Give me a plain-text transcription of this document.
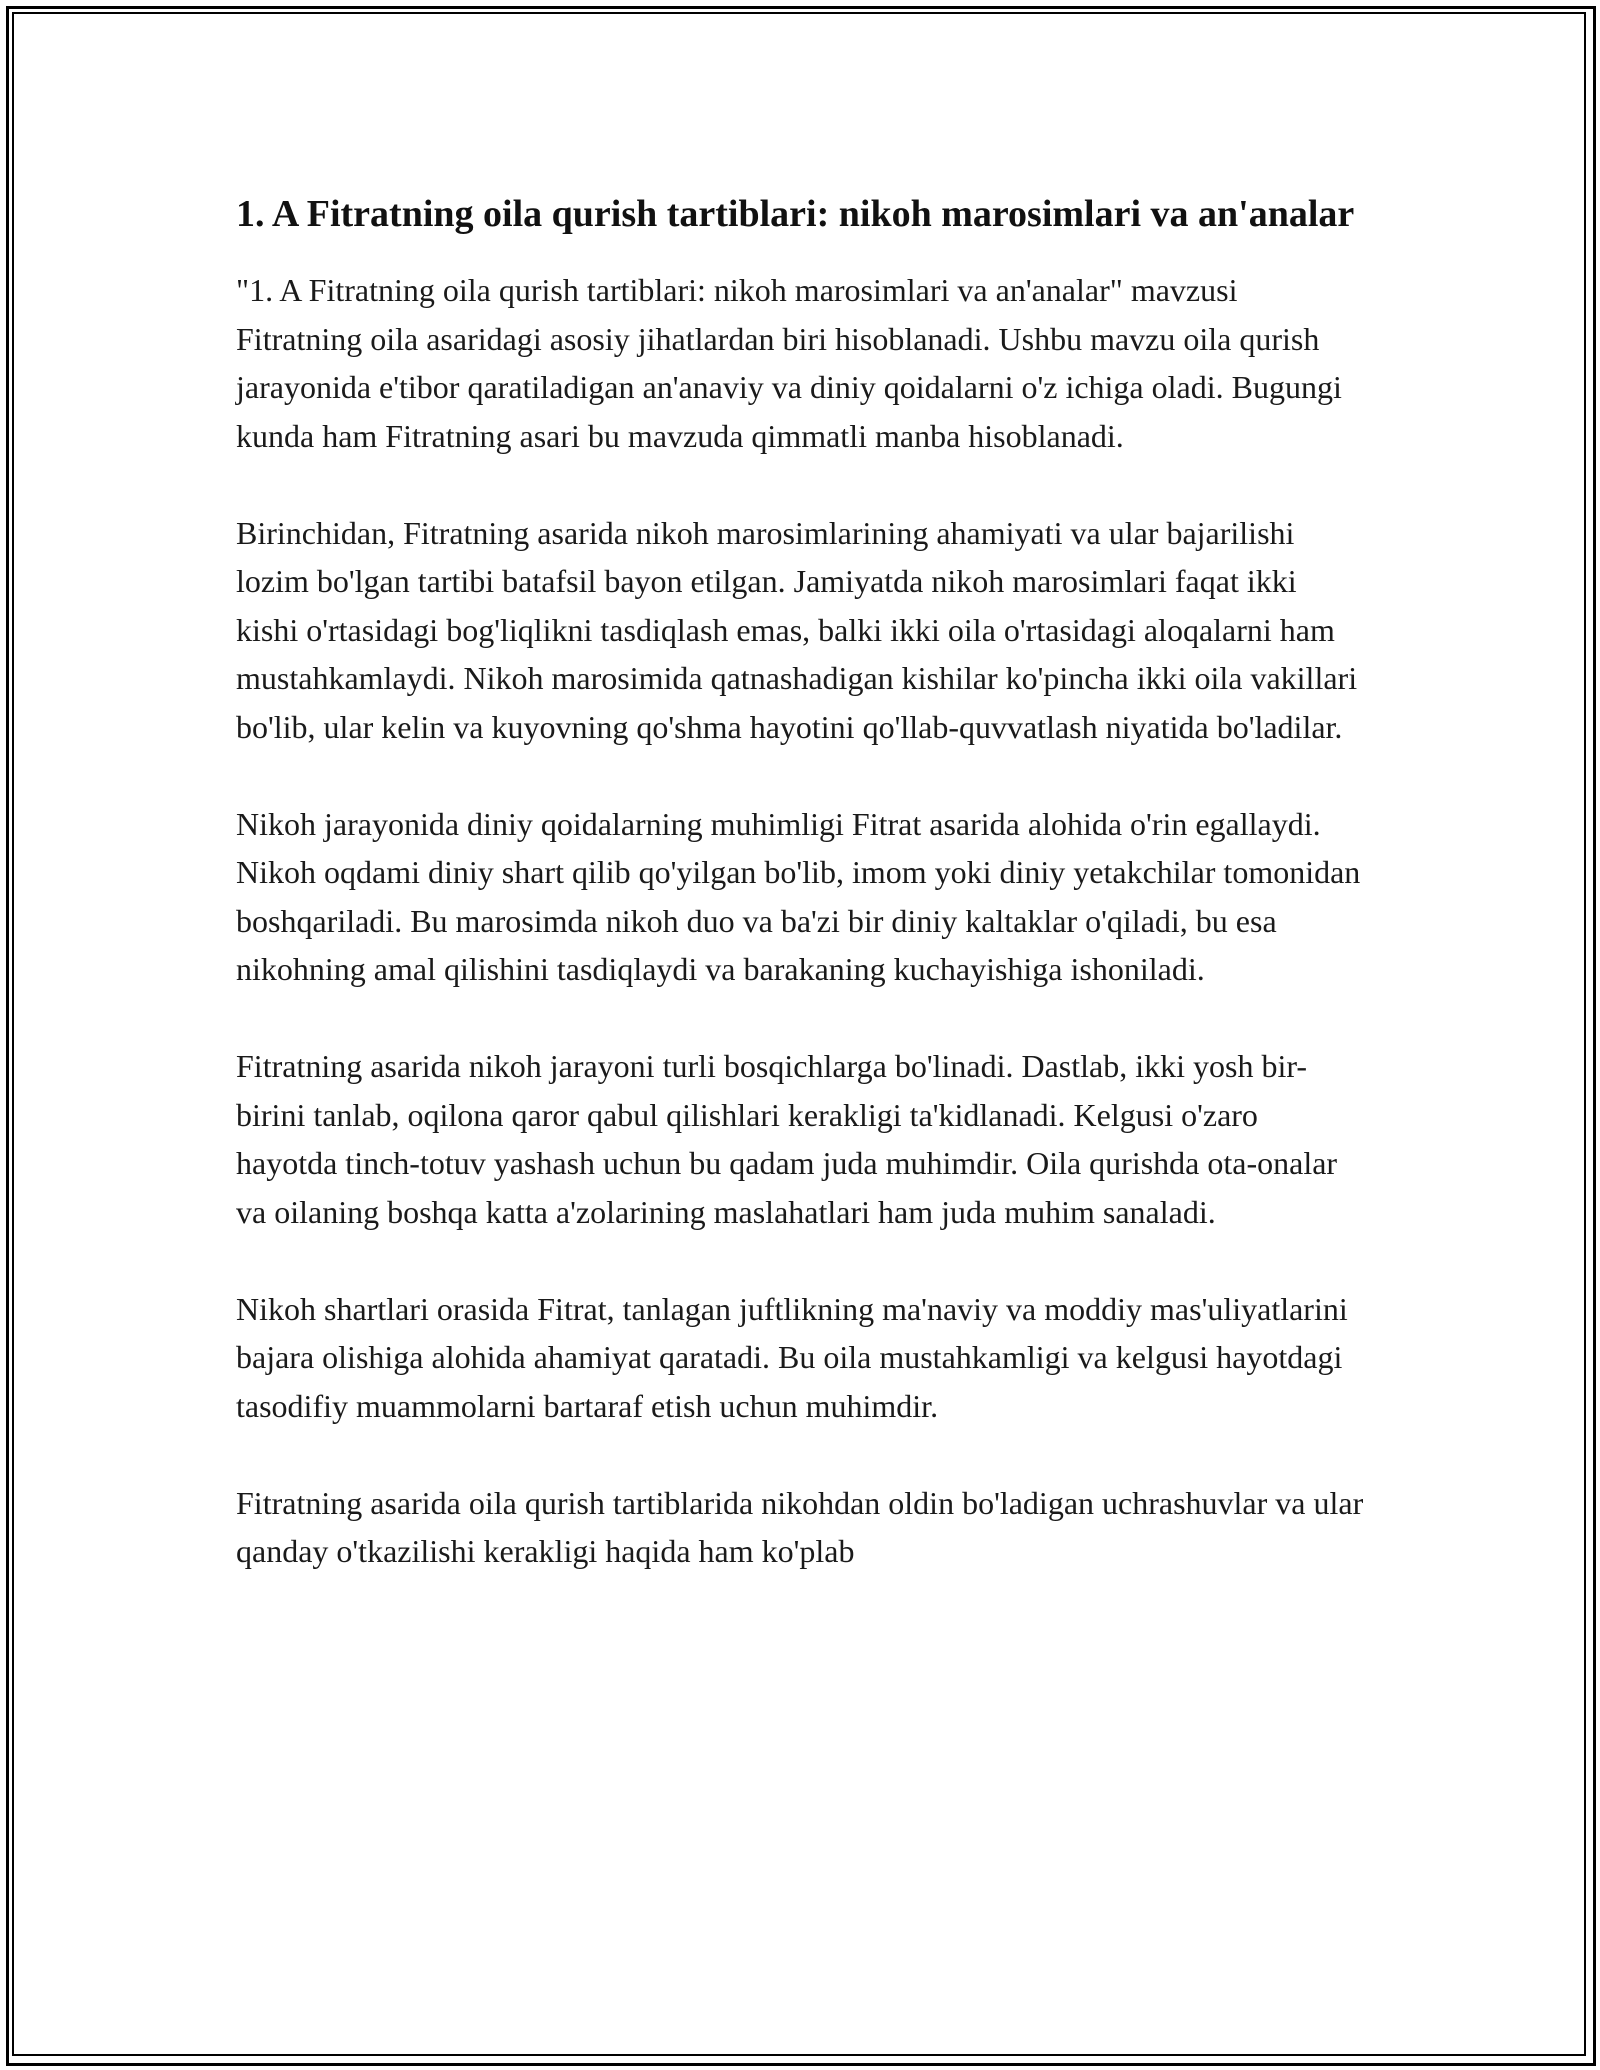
1. A Fitratning oila qurish tartiblari: nikoh marosimlari va an'analar

"1. A Fitratning oila qurish tartiblari: nikoh marosimlari va an'analar" mavzusi Fitratning oila asaridagi asosiy jihatlardan biri hisoblanadi. Ushbu mavzu oila qurish jarayonida e'tibor qaratiladigan an'anaviy va diniy qoidalarni o'z ichiga oladi. Bugungi kunda ham Fitratning asari bu mavzuda qimmatli manba hisoblanadi.

Birinchidan, Fitratning asarida nikoh marosimlarining ahamiyati va ular bajarilishi lozim bo'lgan tartibi batafsil bayon etilgan. Jamiyatda nikoh marosimlari faqat ikki kishi o'rtasidagi bog'liqlikni tasdiqlash emas, balki ikki oila o'rtasidagi aloqalarni ham mustahkamlaydi. Nikoh marosimida qatnashadigan kishilar ko'pincha ikki oila vakillari bo'lib, ular kelin va kuyovning qo'shma hayotini qo'llab-quvvatlash niyatida bo'ladilar.

Nikoh jarayonida diniy qoidalarning muhimligi Fitrat asarida alohida o'rin egallaydi. Nikoh oqdami diniy shart qilib qo'yilgan bo'lib, imom yoki diniy yetakchilar tomonidan boshqariladi. Bu marosimda nikoh duo va ba'zi bir diniy kaltaklar o'qiladi, bu esa nikohning amal qilishini tasdiqlaydi va barakaning kuchayishiga ishoniladi.

Fitratning asarida nikoh jarayoni turli bosqichlarga bo'linadi. Dastlab, ikki yosh bir-birini tanlab, oqilona qaror qabul qilishlari kerakligi ta'kidlanadi. Kelgusi o'zaro hayotda tinch-totuv yashash uchun bu qadam juda muhimdir. Oila qurishda ota-onalar va oilaning boshqa katta a'zolarining maslahatlari ham juda muhim sanaladi.

Nikoh shartlari orasida Fitrat, tanlagan juftlikning ma'naviy va moddiy mas'uliyatlarini bajara olishiga alohida ahamiyat qaratadi. Bu oila mustahkamligi va kelgusi hayotdagi tasodifiy muammolarni bartaraf etish uchun muhimdir.

Fitratning asarida oila qurish tartiblarida nikohdan oldin bo'ladigan uchrashuvlar va ular qanday o'tkazilishi kerakligi haqida ham ko'plab
